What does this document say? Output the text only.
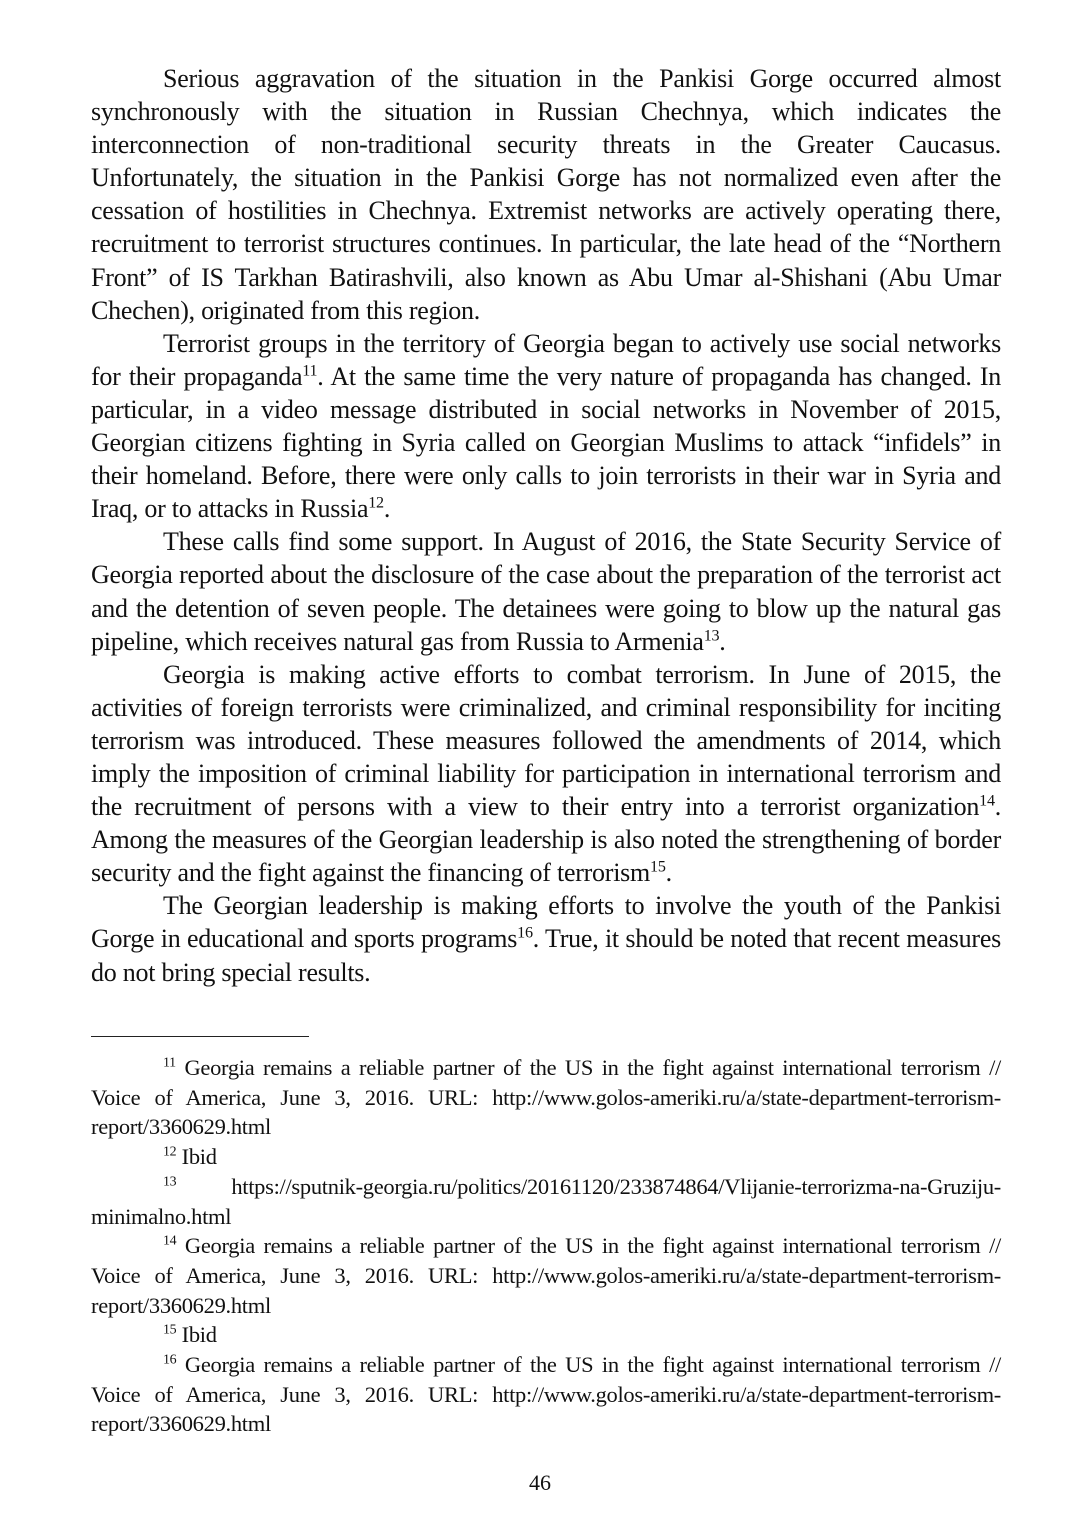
Serious aggravation of the situation in the Pankisi Gorge occurred almost synchronously with the situation in Russian Chechnya, which indicates the interconnection of non-traditional security threats in the Greater Caucasus. Unfortunately, the situation in the Pankisi Gorge has not normalized even after the cessation of hostilities in Chechnya. Extremist networks are actively operating there, recruitment to terrorist structures continues. In particular, the late head of the “Northern Front” of IS Tarkhan Batirashvili, also known as Abu Umar al-Shishani (Abu Umar Chechen), originated from this region.

Terrorist groups in the territory of Georgia began to actively use social networks for their propaganda$^{11}$. At the same time the very nature of propaganda has changed. In particular, in a video message distributed in social networks in November of 2015, Georgian citizens fighting in Syria called on Georgian Muslims to attack “infidels” in their homeland. Before, there were only calls to join terrorists in their war in Syria and Iraq, or to attacks in Russia$^{12}$.

These calls find some support. In August of 2016, the State Security Service of Georgia reported about the disclosure of the case about the preparation of the terrorist act and the detention of seven people. The detainees were going to blow up the natural gas pipeline, which receives natural gas from Russia to Armenia$^{13}$.

Georgia is making active efforts to combat terrorism. In June of 2015, the activities of foreign terrorists were criminalized, and criminal responsibility for inciting terrorism was introduced. These measures followed the amendments of 2014, which imply the imposition of criminal liability for participation in international terrorism and the recruitment of persons with a view to their entry into a terrorist organization$^{14}$. Among the measures of the Georgian leadership is also noted the strengthening of border security and the fight against the financing of terrorism$^{15}$.

The Georgian leadership is making efforts to involve the youth of the Pankisi Gorge in educational and sports programs$^{16}$. True, it should be noted that recent measures do not bring special results.

$^{11}$ Georgia remains a reliable partner of the US in the fight against international terrorism // Voice of America, June 3, 2016. URL: http://www.golos-ameriki.ru/a/state-department-terrorism-report/3360629.html

$^{12}$ Ibid

$^{13}$ https://sputnik-georgia.ru/politics/20161120/233874864/Vlijanie-terrorizma-na-Gruziju-minimalno.html

$^{14}$ Georgia remains a reliable partner of the US in the fight against international terrorism // Voice of America, June 3, 2016. URL: http://www.golos-ameriki.ru/a/state-department-terrorism-report/3360629.html

$^{15}$ Ibid

$^{16}$ Georgia remains a reliable partner of the US in the fight against international terrorism // Voice of America, June 3, 2016. URL: http://www.golos-ameriki.ru/a/state-department-terrorism-report/3360629.html

46
